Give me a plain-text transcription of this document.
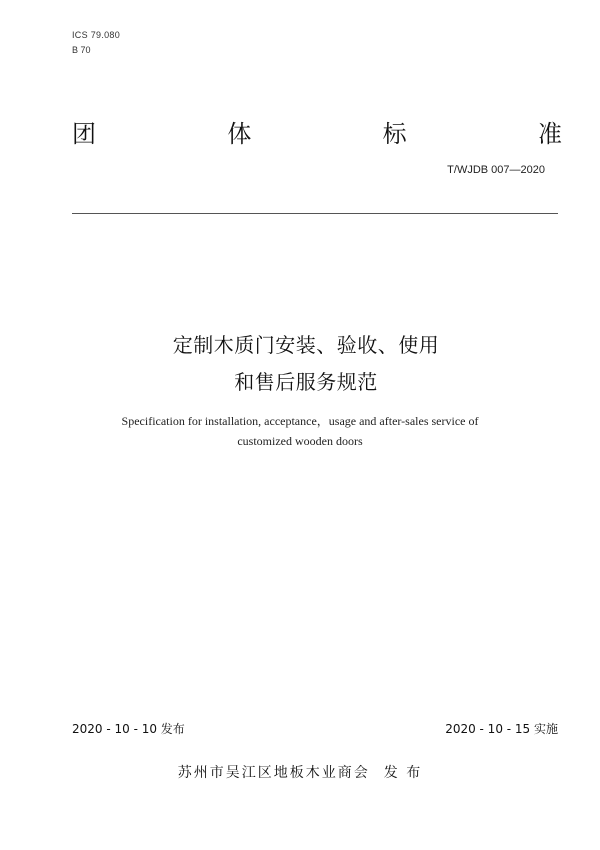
ICS 79.080
B 70
团	体	标	准
T/WJDB 007—2020
定制木质门安装、验收、使用
和售后服务规范
Specification for installation, acceptance，usage and after-sales service of
customized wooden doors
2020 - 10 - 10 发布	2020 - 10 - 15 实施
苏州市吴江区地板木业商会 发 布
